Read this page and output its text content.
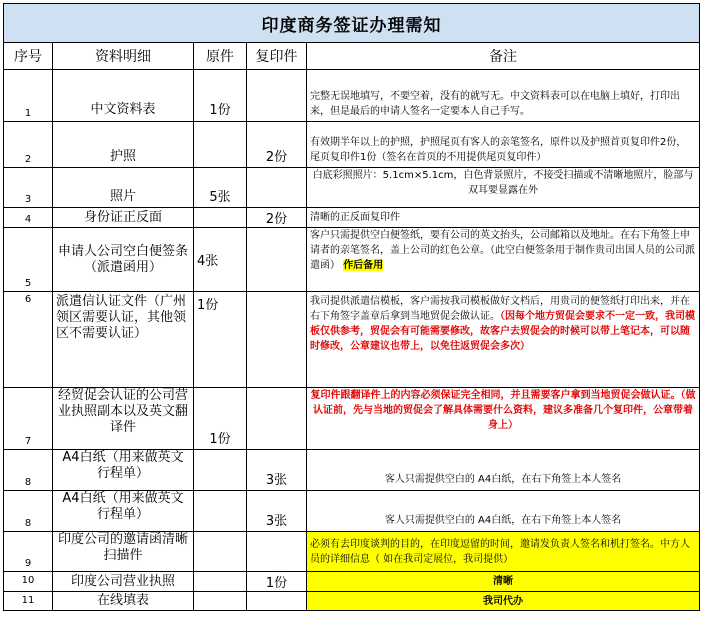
印度商务签证办理需知				
序号	资料明细	原件	复印件	备注
1	中文资料表	1份		完整无误地填写，不要空着，没有的就写无。中文资料表可以在电脑上填好，打印出来，但是最后的申请人签名一定要本人自己手写。
2	护照		2份	有效期半年以上的护照，护照尾页有客人的亲笔签名，原件以及护照首页复印件2份，尾页复印件1份（签名在首页的不用提供尾页复印件）
3	照片	5张		白底彩照照片：5.1cm×5.1cm，白色背景照片，不接受扫描或不清晰地照片，脸部与双耳要显露在外
4	身份证正反面		2份	清晰的正反面复印件
5	申请人公司空白便签条（派遣函用）	4张		客户只需提供空白便签纸，要有公司的英文抬头，公司邮箱以及地址。在右下角签上申请者的亲笔签名，盖上公司的红色公章。（此空白便签条用于制作贵司出国人员的公司派遣函） 作后备用
6	派遣信认证文件（广州领区需要认证，其他领区不需要认证）	1份		我司提供派遣信模板，客户需按我司模板做好文档后，用贵司的便签纸打印出来，并在右下角签字盖章后拿到当地贸促会做认证。（因每个地方贸促会要求不一定一致，我司模板仅供参考，贸促会有可能需要修改，故客户去贸促会的时候可以带上笔记本，可以随时修改，公章建议也带上，以免往返贸促会多次）
7	经贸促会认证的公司营业执照副本以及英文翻译件	1份		复印件跟翻译件上的内容必须保证完全相同，并且需要客户拿到当地贸促会做认证。（做认证前，先与当地的贸促会了解具体需要什么资料，建议多准备几个复印件，公章带着身上）
8	A4白纸（用来做英文行程单）		3张	客人只需提供空白的 A4白纸，在右下角签上本人签名
8	A4白纸（用来做英文行程单）		3张	客人只需提供空白的 A4白纸，在右下角签上本人签名
9	印度公司的邀请函清晰扫描件			必须有去印度谈判的目的，在印度逗留的时间，邀请发负责人签名和机打签名。中方人员的详细信息（ 如在我司定展位，我司提供）
10	印度公司营业执照		1份	清晰
11	在线填表			我司代办
